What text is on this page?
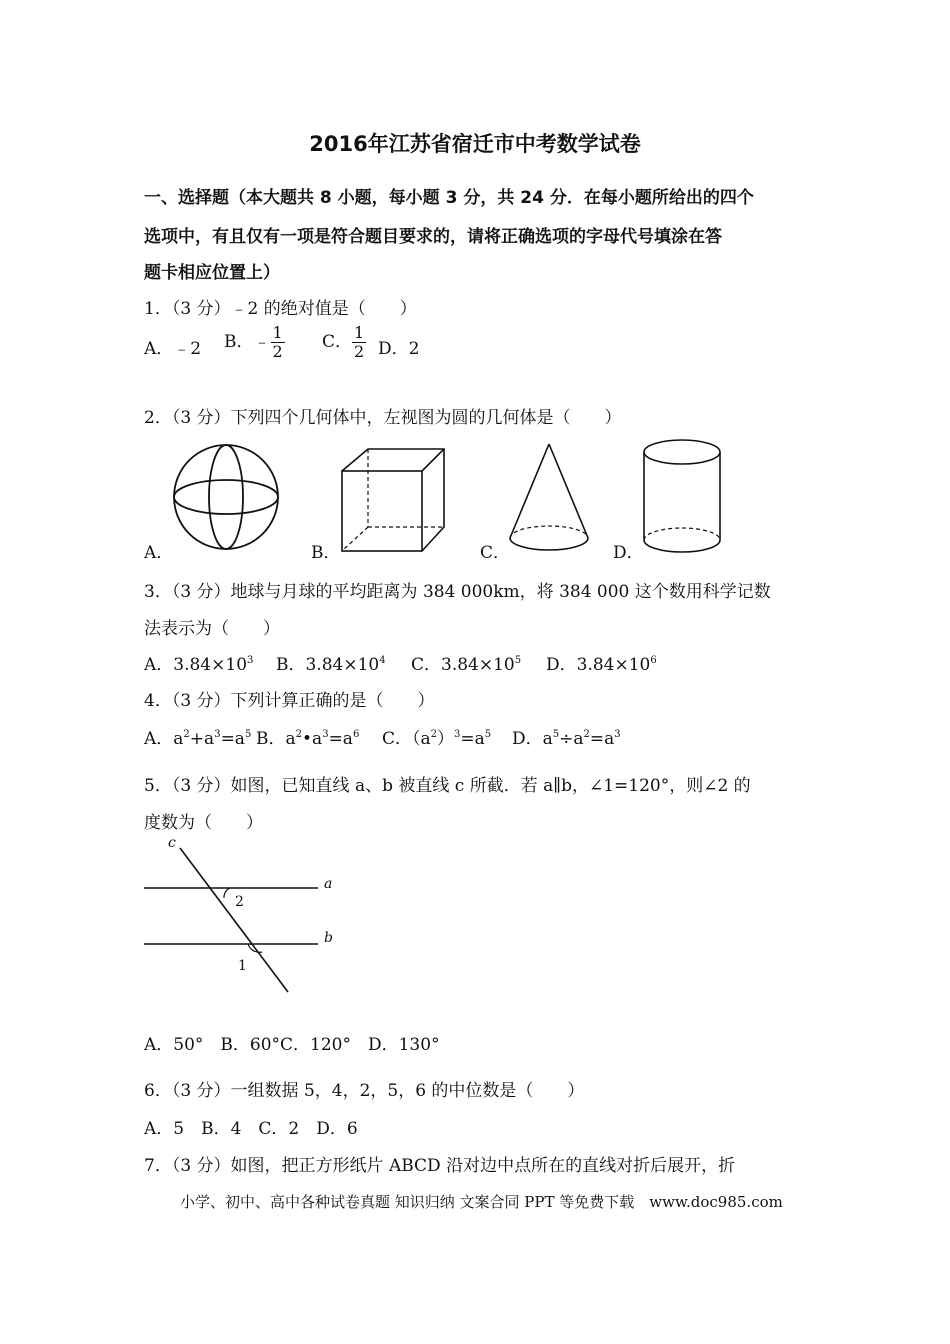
2016年江苏省宿迁市中考数学试卷
一、选择题（本大题共 8 小题，每小题 3 分，共 24 分．在每小题所给出的四个
选项中，有且仅有一项是符合题目要求的，请将正确选项的字母代号填涂在答
题卡相应位置上）
1．（3 分）﹣2 的绝对值是（　　）
A．﹣2 B．﹣ $\frac{1}{2}$ C． $\frac{1}{2}$ D．2
2．（3 分）下列四个几何体中，左视图为圆的几何体是（　　）
A．	B．	C．	D．
3．（3 分）地球与月球的平均距离为 384 000km，将 384 000 这个数用科学记数
法表示为（　　）
A．$3.84\times 10^3$ B．$3.84\times 10^4$ C．$3.84\times 10^5$ D．$3.84\times 10^6$
4．（3 分）下列计算正确的是（　　）
A．$a^2+a^3=a^5$ B．$a^2•a^3=a^6$ C．$(a^2)^3=a^5$ D．$a^5\div a^2=a^3$
5．（3 分）如图，已知直线 a、b 被直线 c 所截．若 a∥b，∠1=120°，则∠2 的
度数为（　　）
c
a
b
2
1
A．50°　B．60°C．120°　D．130°
6．（3 分）一组数据 5，4，2，5，6 的中位数是（　　）
A．5　B．4　C．2　D．6
7．（3 分）如图，把正方形纸片 ABCD 沿对边中点所在的直线对折后展开，折
小学、初中、高中各种试卷真题 知识归纳 文案合同 PPT 等免费下载　www.doc985.com
